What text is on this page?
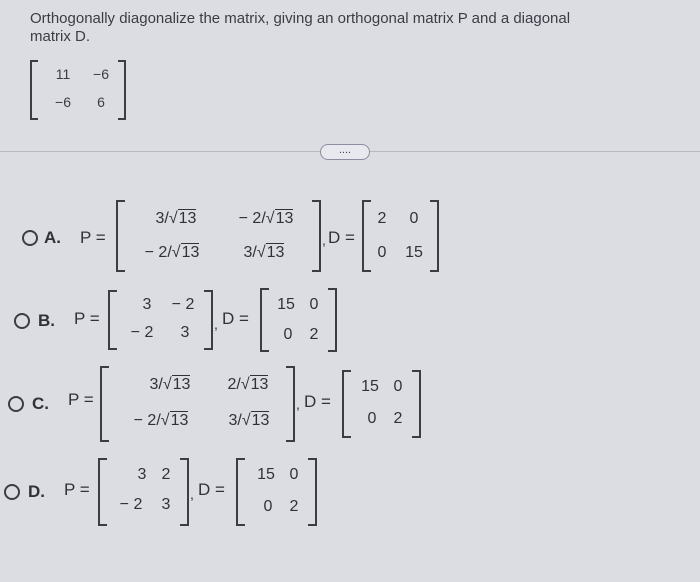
Orthogonally diagonalize the matrix, giving an orthogonal matrix P and a diagonal
matrix D.
11	−6
−6	6
....
A. P =
3/√13	− 2/√13
− 2/√13	3/√13
, D =
2	0
0	15
B. P =
3	− 2
− 2	3	, D =
15 0
0	2
C. P =
3/√13	2/√13
− 2/√13	3/√13
, D =
15 0
0	2
D. P =
3 2
− 2	3
, D =
15 0
0	2
